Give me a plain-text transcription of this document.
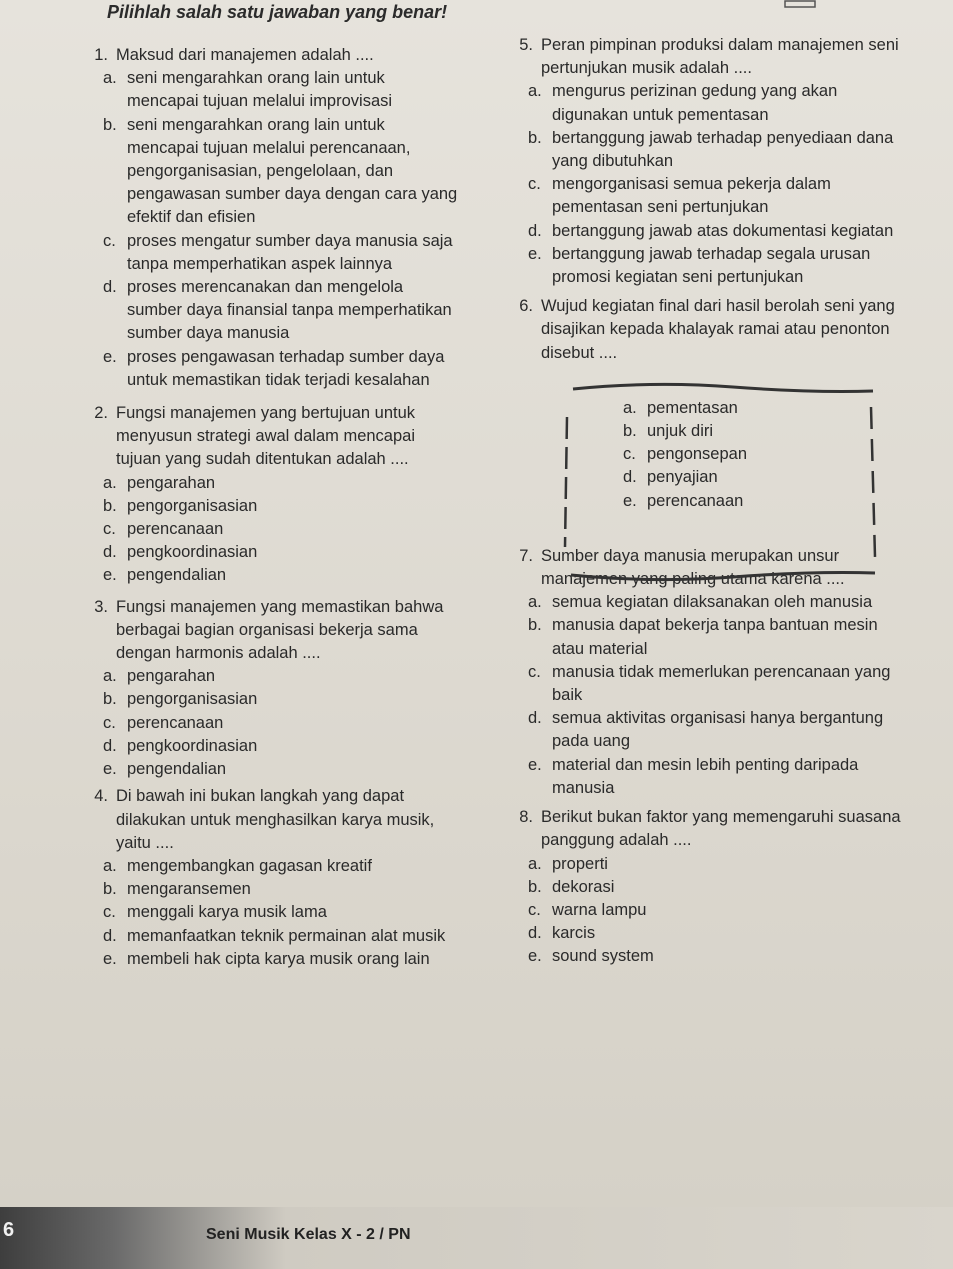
Pilihlah salah satu jawaban yang benar!
1. Maksud dari manajemen adalah ....
a. seni mengarahkan orang lain untuk mencapai tujuan melalui improvisasi
b. seni mengarahkan orang lain untuk mencapai tujuan melalui perencanaan, pengorganisasian, pengelolaan, dan pengawasan sumber daya dengan cara yang efektif dan efisien
c. proses mengatur sumber daya manusia saja tanpa memperhatikan aspek lainnya
d. proses merencanakan dan mengelola sumber daya finansial tanpa memperhatikan sumber daya manusia
e. proses pengawasan terhadap sumber daya untuk memastikan tidak terjadi kesalahan
2. Fungsi manajemen yang bertujuan untuk menyusun strategi awal dalam mencapai tujuan yang sudah ditentukan adalah ....
a. pengarahan
b. pengorganisasian
c. perencanaan
d. pengkoordinasian
e. pengendalian
3. Fungsi manajemen yang memastikan bahwa berbagai bagian organisasi bekerja sama dengan harmonis adalah ....
a. pengarahan
b. pengorganisasian
c. perencanaan
d. pengkoordinasian
e. pengendalian
4. Di bawah ini bukan langkah yang dapat dilakukan untuk menghasilkan karya musik, yaitu ....
a. mengembangkan gagasan kreatif
b. mengaransemen
c. menggali karya musik lama
d. memanfaatkan teknik permainan alat musik
e. membeli hak cipta karya musik orang lain
5. Peran pimpinan produksi dalam manajemen seni pertunjukan musik adalah ....
a. mengurus perizinan gedung yang akan digunakan untuk pementasan
b. bertanggung jawab terhadap penyediaan dana yang dibutuhkan
c. mengorganisasi semua pekerja dalam pementasan seni pertunjukan
d. bertanggung jawab atas dokumentasi kegiatan
e. bertanggung jawab terhadap segala urusan promosi kegiatan seni pertunjukan
6. Wujud kegiatan final dari hasil berolah seni yang disajikan kepada khalayak ramai atau penonton disebut ....
a. pementasan
b. unjuk diri
c. pengonsepan
d. penyajian
e. perencanaan
7. Sumber daya manusia merupakan unsur manajemen yang paling utama karena ....
a. semua kegiatan dilaksanakan oleh manusia
b. manusia dapat bekerja tanpa bantuan mesin atau material
c. manusia tidak memerlukan perencanaan yang baik
d. semua aktivitas organisasi hanya bergantung pada uang
e. material dan mesin lebih penting daripada manusia
8. Berikut bukan faktor yang memengaruhi suasana panggung adalah ....
a. properti
b. dekorasi
c. warna lampu
d. karcis
e. sound system
6	Seni Musik Kelas X - 2 / PN
